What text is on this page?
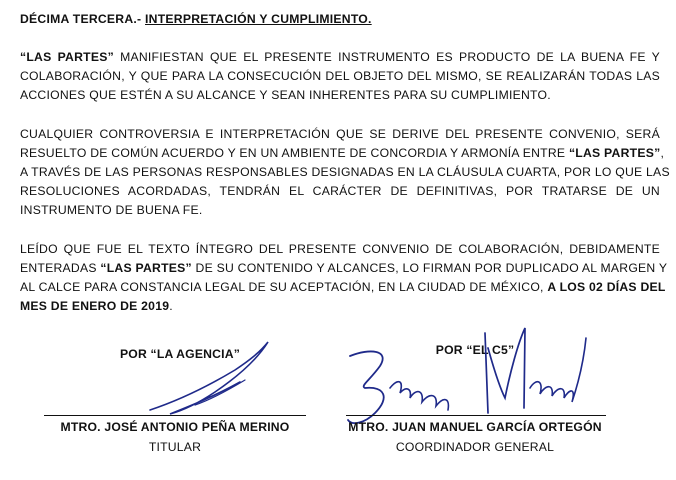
DÉCIMA TERCERA.- INTERPRETACIÓN Y CUMPLIMIENTO.
“LAS PARTES” MANIFIESTAN QUE EL PRESENTE INSTRUMENTO ES PRODUCTO DE LA BUENA FE Y
COLABORACIÓN, Y QUE PARA LA CONSECUCIÓN DEL OBJETO DEL MISMO, SE REALIZARÁN TODAS LAS
ACCIONES QUE ESTÉN A SU ALCANCE Y SEAN INHERENTES PARA SU CUMPLIMIENTO.
CUALQUIER CONTROVERSIA E INTERPRETACIÓN QUE SE DERIVE DEL PRESENTE CONVENIO, SERÁ
RESUELTO DE COMÚN ACUERDO Y EN UN AMBIENTE DE CONCORDIA Y ARMONÍA ENTRE “LAS PARTES”,
A TRAVÉS DE LAS PERSONAS RESPONSABLES DESIGNADAS EN LA CLÁUSULA CUARTA, POR LO QUE LAS
RESOLUCIONES ACORDADAS, TENDRÁN EL CARÁCTER DE DEFINITIVAS, POR TRATARSE DE UN
INSTRUMENTO DE BUENA FE.
LEÍDO QUE FUE EL TEXTO ÍNTEGRO DEL PRESENTE CONVENIO DE COLABORACIÓN, DEBIDAMENTE
ENTERADAS “LAS PARTES” DE SU CONTENIDO Y ALCANCES, LO FIRMAN POR DUPLICADO AL MARGEN Y
AL CALCE PARA CONSTANCIA LEGAL DE SU ACEPTACIÓN, EN LA CIUDAD DE MÉXICO, A LOS 02 DÍAS DEL
MES DE ENERO DE 2019.
POR “LA AGENCIA”
MTRO. JOSÉ ANTONIO PEÑA MERINO
TITULAR
POR “EL C5”
MTRO. JUAN MANUEL GARCÍA ORTEGÓN
COORDINADOR GENERAL
